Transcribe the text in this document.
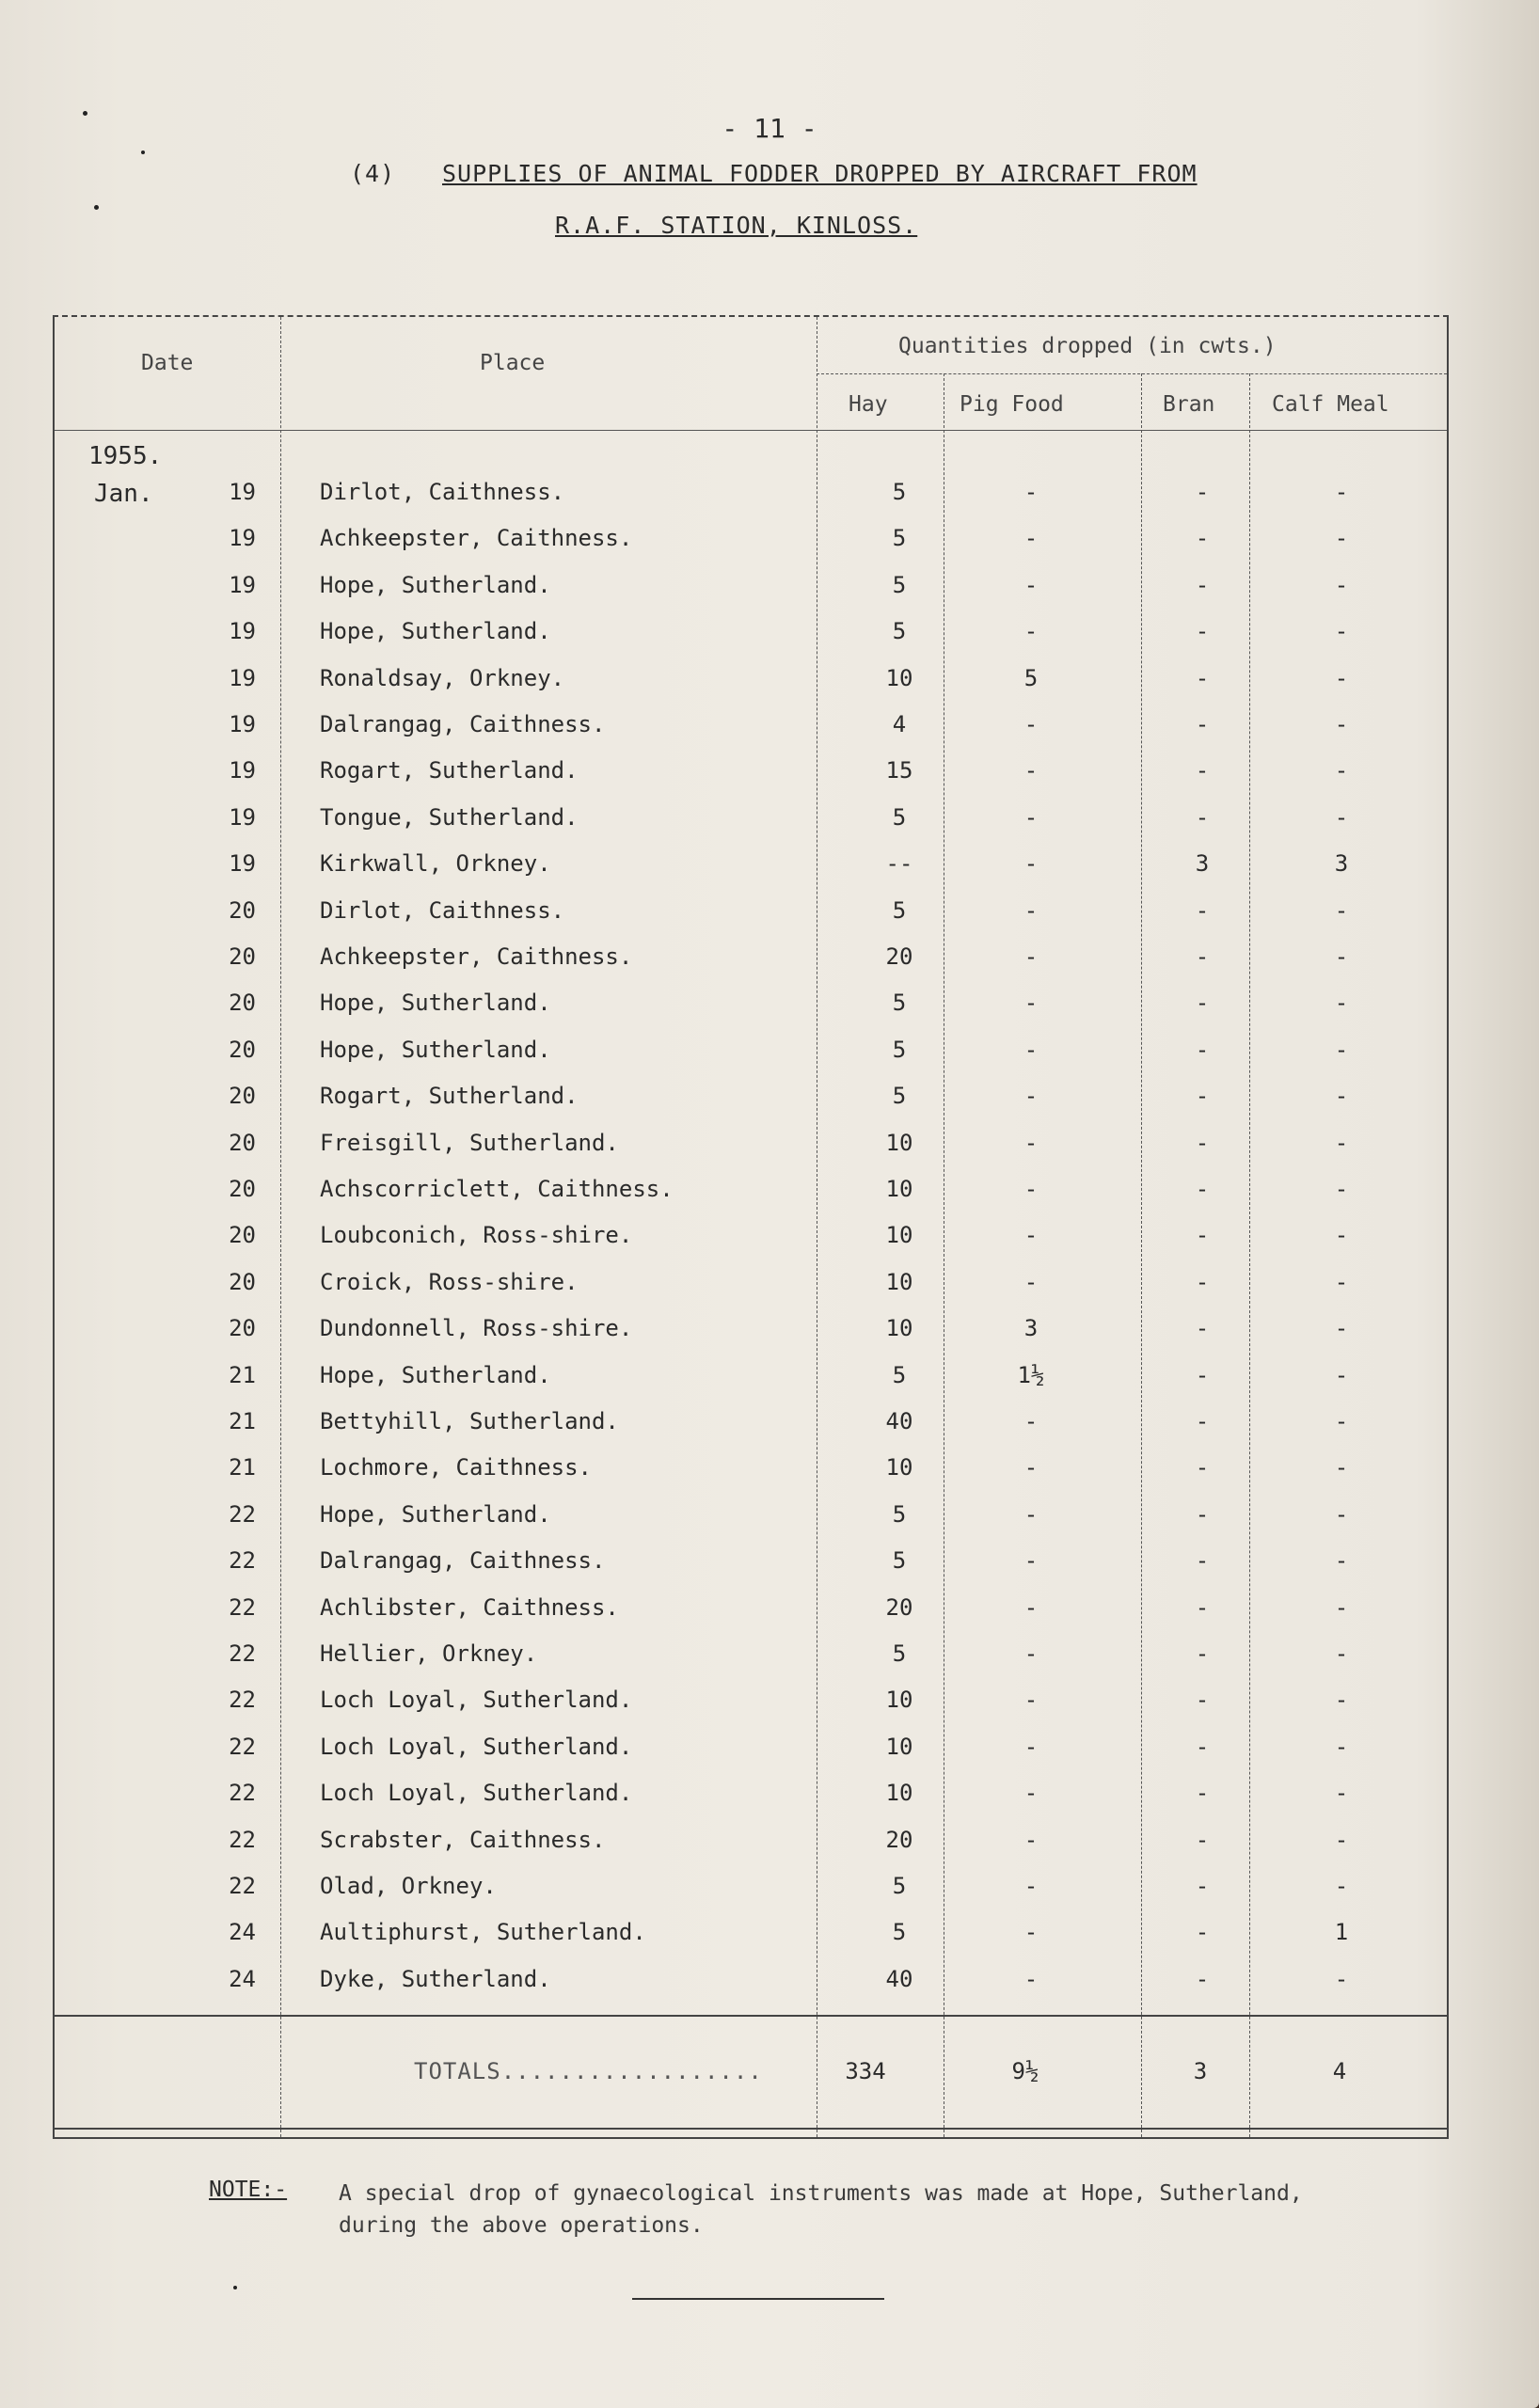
- 11 -
(4) SUPPLIES OF ANIMAL FODDER DROPPED BY AIRCRAFT FROM
R.A.F. STATION, KINLOSS.
Date	Place
Quantities dropped (in cwts.)
Hay	Pig Food	Bran	Calf Meal
1955.
Jan.	19	Dirlot, Caithness.	5	-	-	-
19	Achkeepster, Caithness.	5	-	-	-
19	Hope, Sutherland.	5	-	-	-
19	Hope, Sutherland.	5	-	-	-
19	Ronaldsay, Orkney.	10	5	-	-
19	Dalrangag, Caithness.	4	-	-	-
19	Rogart, Sutherland.	15	-	-	-
19	Tongue, Sutherland.	5	-	-	-
19	Kirkwall, Orkney.	--	-	3	3
20	Dirlot, Caithness.	5	-	-	-
20	Achkeepster, Caithness.	20	-	-	-
20	Hope, Sutherland.	5	-	-	-
20	Hope, Sutherland.	5	-	-	-
20	Rogart, Sutherland.	5	-	-	-
20	Freisgill, Sutherland.	10	-	-	-
20	Achscorriclett, Caithness.	10	-	-	-
20	Loubconich, Ross-shire.	10	-	-	-
20	Croick, Ross-shire.	10	-	-	-
20	Dundonnell, Ross-shire.	10	3	-	-
21	Hope, Sutherland.	5	1½	-	-
21	Bettyhill, Sutherland.	40	-	-	-
21	Lochmore, Caithness.	10	-	-	-
22	Hope, Sutherland.	5	-	-	-
22	Dalrangag, Caithness.	5	-	-	-
22	Achlibster, Caithness.	20	-	-	-
22	Hellier, Orkney.	5	-	-	-
22	Loch Loyal, Sutherland.	10	-	-	-
22	Loch Loyal, Sutherland.	10	-	-	-
22	Loch Loyal, Sutherland.	10	-	-	-
22	Scrabster, Caithness.	20	-	-	-
22	Olad, Orkney.	5	-	-	-
24	Aultiphurst, Sutherland.	5	-	-	1
24	Dyke, Sutherland.	40	-	-	-
TOTALS..................	334	9½	3	4
NOTE:- A special drop of gynaecological instruments was made at Hope, Sutherland, during the above operations.
